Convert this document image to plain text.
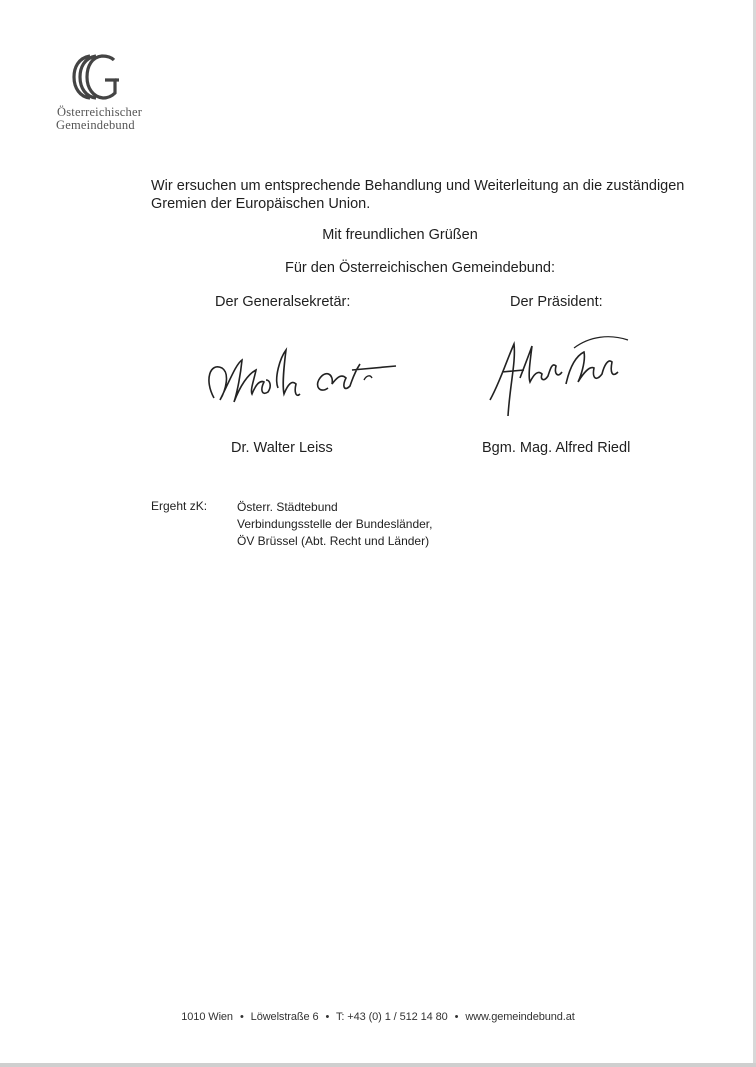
Österreichischer
Gemeindebund
Wir ersuchen um entsprechende Behandlung und Weiterleitung an die zuständigen Gremien der Europäischen Union.
Mit freundlichen Grüßen
Für den Österreichischen Gemeindebund:
Der Generalsekretär:	Der Präsident:
Dr. Walter Leiss	Bgm. Mag. Alfred Riedl
Ergeht zK: Österr. Städtebund
Verbindungsstelle der Bundesländer,
ÖV Brüssel (Abt. Recht und Länder)
1010 Wien • Löwelstraße 6 • T: +43 (0) 1 / 512 14 80 • www.gemeindebund.at
